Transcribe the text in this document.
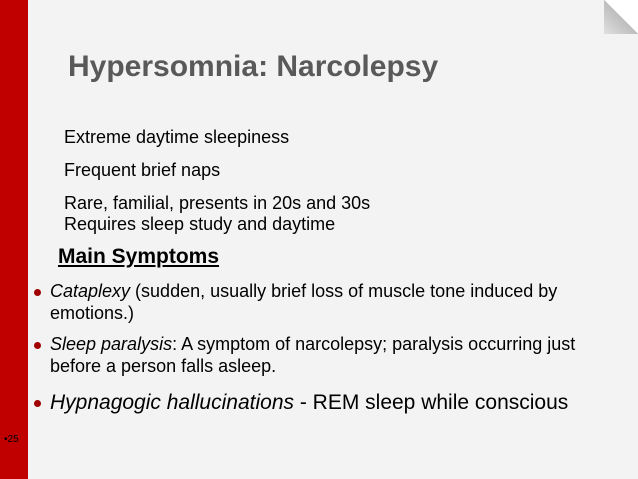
Hypersomnia: Narcolepsy
Extreme daytime sleepiness
Frequent brief naps
Rare, familial, presents in 20s and 30s
Requires sleep study and daytime
Main Symptoms
Cataplexy (sudden, usually brief loss of muscle tone induced by emotions.)
Sleep paralysis: A symptom of narcolepsy; paralysis occurring just before a person falls asleep.
Hypnagogic hallucinations - REM sleep while conscious
•25
